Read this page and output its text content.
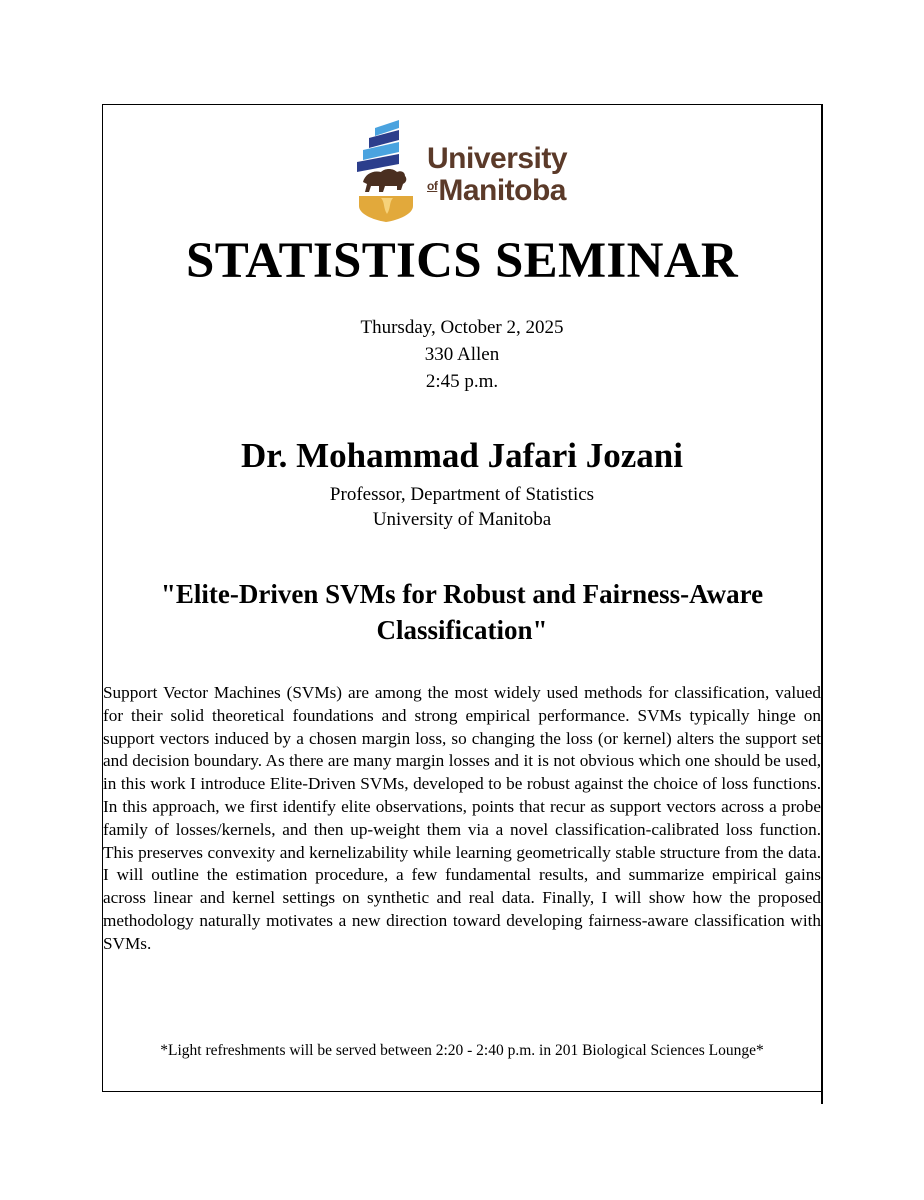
University
$^{of}$Manitoba
STATISTICS SEMINAR
Thursday, October 2, 2025
330 Allen
2:45 p.m.
Dr. Mohammad Jafari Jozani
Professor, Department of Statistics
University of Manitoba
"Elite-Driven SVMs for Robust and Fairness-Aware Classification"
Support Vector Machines (SVMs) are among the most widely used methods for classification, valued for their solid theoretical foundations and strong empirical performance. SVMs typically hinge on support vectors induced by a chosen margin loss, so changing the loss (or kernel) alters the support set and decision boundary. As there are many margin losses and it is not obvious which one should be used, in this work I introduce Elite-Driven SVMs, developed to be robust against the choice of loss functions. In this approach, we first identify elite observations, points that recur as support vectors across a probe family of losses/kernels, and then up-weight them via a novel classification-calibrated loss function. This preserves convexity and kernelizability while learning geometrically stable structure from the data. I will outline the estimation procedure, a few fundamental results, and summarize empirical gains across linear and kernel settings on synthetic and real data. Finally, I will show how the proposed methodology naturally motivates a new direction toward developing fairness-aware classification with SVMs.
*Light refreshments will be served between 2:20 - 2:40 p.m. in 201 Biological Sciences Lounge*
